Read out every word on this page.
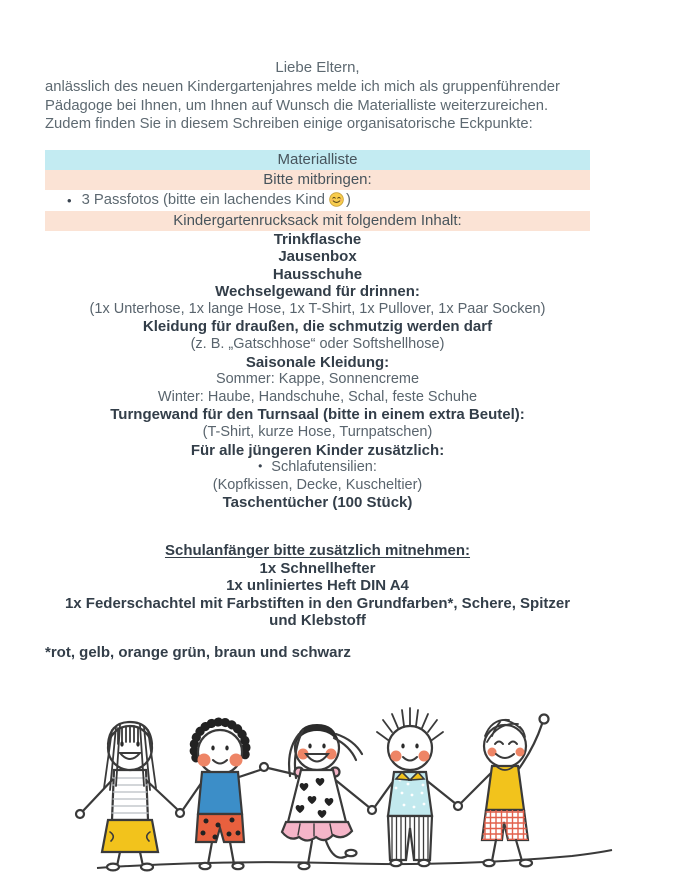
Liebe Eltern,
anlässlich des neuen Kindergartenjahres melde ich mich als gruppenführender
Pädagoge bei Ihnen, um Ihnen auf Wunsch die Materialliste weiterzureichen.
Zudem finden Sie in diesem Schreiben einige organisatorische Eckpunkte:
Materialliste
Bitte mitbringen:
• 3 Passfotos (bitte ein lachendes Kind )
Kindergartenrucksack mit folgendem Inhalt:
Trinkflasche
Jausenbox
Hausschuhe
Wechselgewand für drinnen:
(1x Unterhose, 1x lange Hose, 1x T-Shirt, 1x Pullover, 1x Paar Socken)
Kleidung für draußen, die schmutzig werden darf
(z. B. „Gatschhose“ oder Softshellhose)
Saisonale Kleidung:
Sommer: Kappe, Sonnencreme
Winter: Haube, Handschuhe, Schal, feste Schuhe
Turngewand für den Turnsaal (bitte in einem extra Beutel):
(T-Shirt, kurze Hose, Turnpatschen)
Für alle jüngeren Kinder zusätzlich:
• Schlafutensilien:
(Kopfkissen, Decke, Kuscheltier)
Taschentücher (100 Stück)
Schulanfänger bitte zusätzlich mitnehmen:
1x Schnellhefter
1x unliniertes Heft DIN A4
1x Federschachtel mit Farbstiften in den Grundfarben*, Schere, Spitzer
und Klebstoff
*rot, gelb, orange grün, braun und schwarz
